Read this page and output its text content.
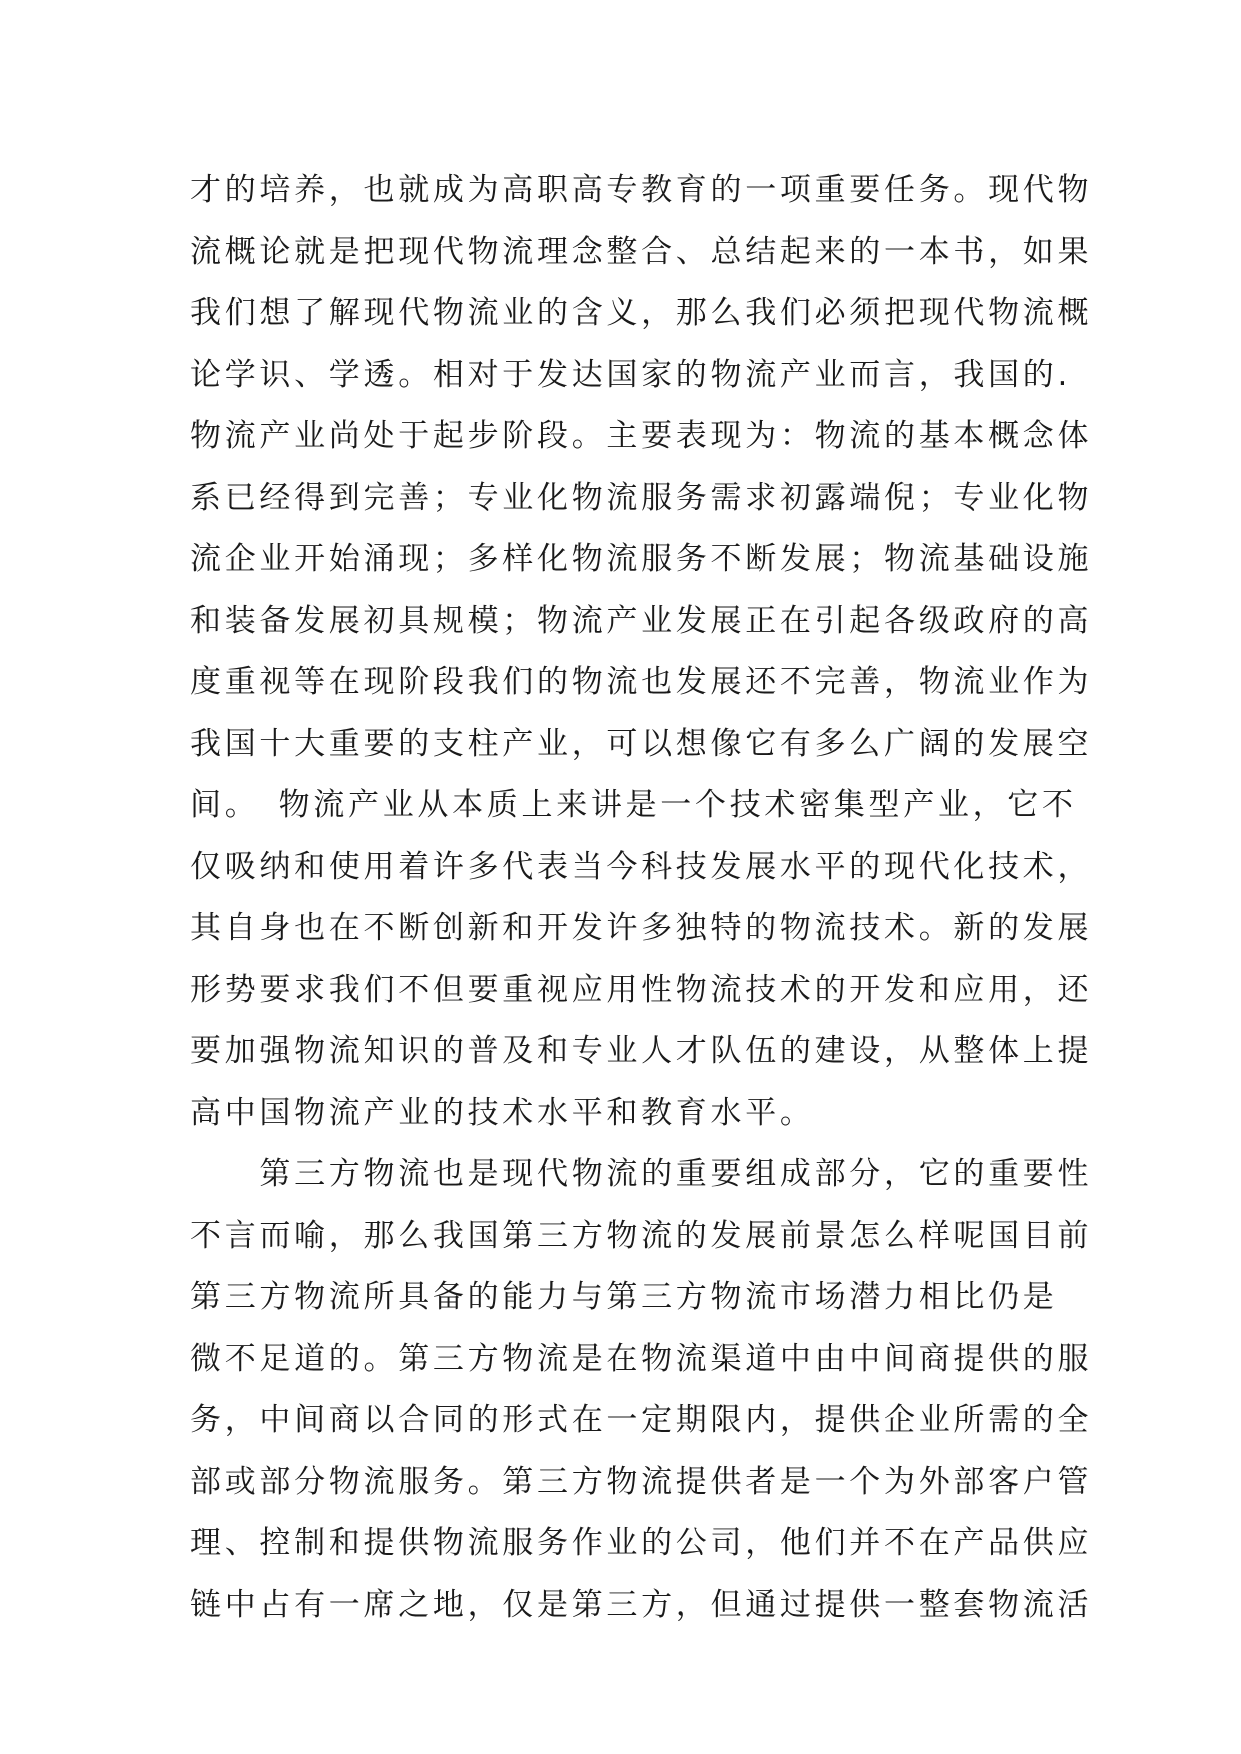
才的培养，也就成为高职高专教育的一项重要任务。现代物
流概论就是把现代物流理念整合、总结起来的一本书，如果
我们想了解现代物流业的含义，那么我们必须把现代物流概
论学识、学透。相对于发达国家的物流产业而言，我国的.
物流产业尚处于起步阶段。主要表现为：物流的基本概念体
系已经得到完善；专业化物流服务需求初露端倪；专业化物
流企业开始涌现；多样化物流服务不断发展；物流基础设施
和装备发展初具规模；物流产业发展正在引起各级政府的高
度重视等在现阶段我们的物流也发展还不完善，物流业作为
我国十大重要的支柱产业，可以想像它有多么广阔的发展空
间。　物流产业从本质上来讲是一个技术密集型产业，它不
仅吸纳和使用着许多代表当今科技发展水平的现代化技术，
其自身也在不断创新和开发许多独特的物流技术。新的发展
形势要求我们不但要重视应用性物流技术的开发和应用，还
要加强物流知识的普及和专业人才队伍的建设，从整体上提
高中国物流产业的技术水平和教育水平。
　　第三方物流也是现代物流的重要组成部分，它的重要性
不言而喻，那么我国第三方物流的发展前景怎么样呢国目前
第三方物流所具备的能力与第三方物流市场潜力相比仍是
微不足道的。第三方物流是在物流渠道中由中间商提供的服
务，中间商以合同的形式在一定期限内，提供企业所需的全
部或部分物流服务。第三方物流提供者是一个为外部客户管
理、控制和提供物流服务作业的公司，他们并不在产品供应
链中占有一席之地，仅是第三方，但通过提供一整套物流活
